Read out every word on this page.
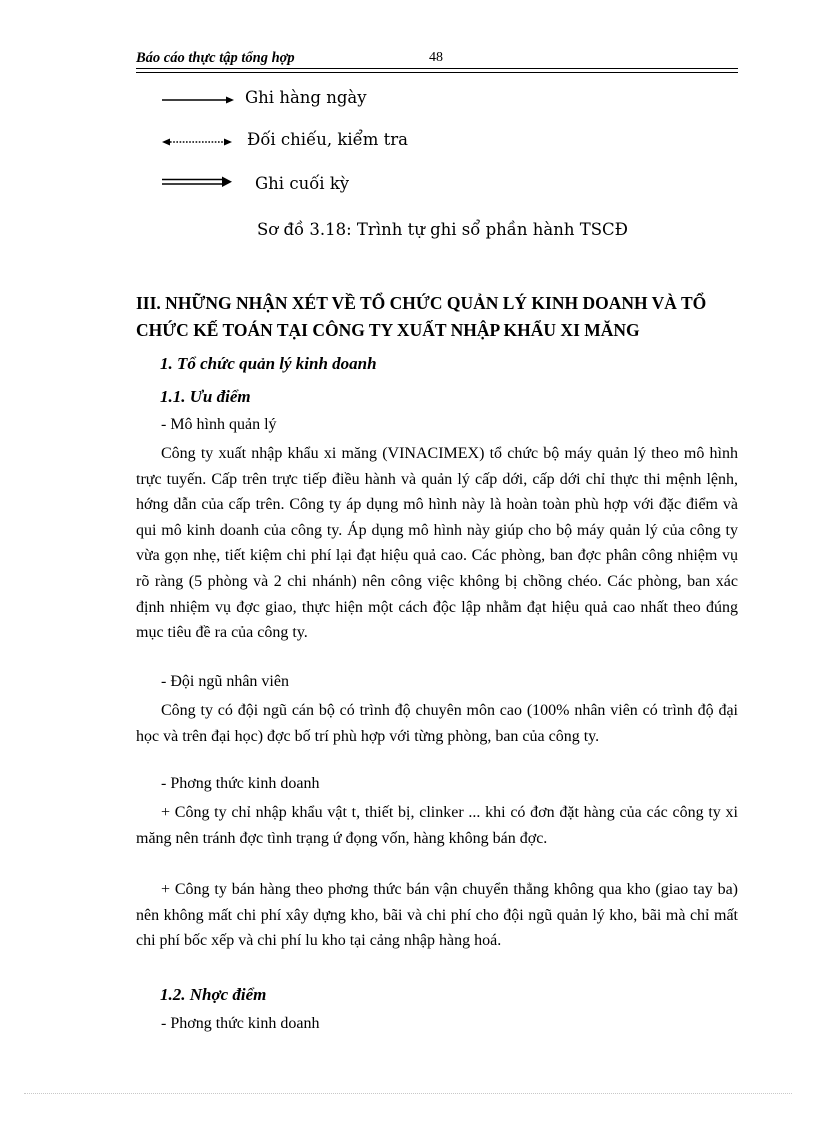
Báo cáo thực tập tổng hợp	48
Ghi hàng ngày
Đối chiếu, kiểm tra
Ghi cuối kỳ
Sơ đồ 3.18: Trình tự ghi sổ phần hành TSCĐ
III. NHỮNG NHẬN XÉT VỀ TỔ CHỨC QUẢN LÝ KINH DOANH VÀ TỔ CHỨC KẾ TOÁN TẠI CÔNG TY XUẤT NHẬP KHẨU XI MĂNG
1. Tổ chức quản lý kinh doanh
1.1. Ưu điểm
- Mô hình quản lý
Công ty xuất nhập khẩu xi măng (VINACIMEX) tổ chức bộ máy quản lý theo mô hình trực tuyến. Cấp trên trực tiếp điều hành và quản lý cấp dới, cấp dới chỉ thực thi mệnh lệnh, hớng dẫn của cấp trên. Công ty áp dụng mô hình này là hoàn toàn phù hợp với đặc điểm và qui mô kinh doanh của công ty. Áp dụng mô hình này giúp cho bộ máy quản lý của công ty vừa gọn nhẹ, tiết kiệm chi phí lại đạt hiệu quả cao. Các phòng, ban đợc phân công nhiệm vụ rõ ràng (5 phòng và 2 chi nhánh) nên công việc không bị chồng chéo. Các phòng, ban xác định nhiệm vụ đợc giao, thực hiện một cách độc lập nhằm đạt hiệu quả cao nhất theo đúng mục tiêu đề ra của công ty.
- Đội ngũ nhân viên
Công ty có đội ngũ cán bộ có trình độ chuyên môn cao (100% nhân viên có trình độ đại học và trên đại học) đợc bố trí phù hợp với từng phòng, ban của công ty.
- Phơng thức kinh doanh
+ Công ty chỉ nhập khẩu vật t, thiết bị, clinker ... khi có đơn đặt hàng của các công ty xi măng nên tránh đợc tình trạng ứ đọng vốn, hàng không bán đợc.
+ Công ty bán hàng theo phơng thức bán vận chuyển thẳng không qua kho (giao tay ba) nên không mất chi phí xây dựng kho, bãi và chi phí cho đội ngũ quản lý kho, bãi mà chỉ mất chi phí bốc xếp và chi phí lu kho tại cảng nhập hàng hoá.
1.2. Nhợc điểm
- Phơng thức kinh doanh
